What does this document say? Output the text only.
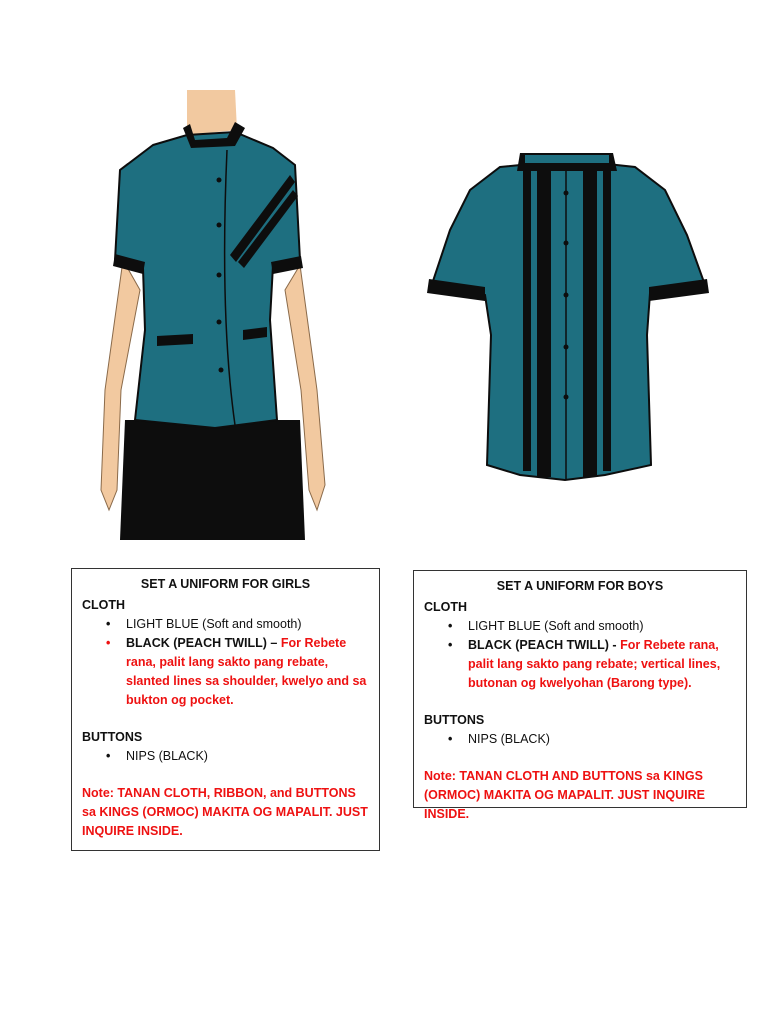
SET A UNIFORM FOR GIRLS

CLOTH

• LIGHT BLUE (Soft and smooth)
• BLACK (PEACH TWILL) – For Rebete rana, palit lang sakto pang rebate, slanted lines sa shoulder, kwelyo and sa bukton og pocket.

BUTTONS

• NIPS (BLACK)

Note: TANAN CLOTH, RIBBON, and BUTTONS sa KINGS (ORMOC) MAKITA OG MAPALIT. JUST INQUIRE INSIDE.

SET A UNIFORM FOR BOYS

CLOTH

• LIGHT BLUE (Soft and smooth)
• BLACK (PEACH TWILL) - For Rebete rana, palit lang sakto pang rebate; vertical lines, butonan og kwelyohan (Barong type).

BUTTONS

• NIPS (BLACK)

Note: TANAN CLOTH AND BUTTONS sa KINGS (ORMOC) MAKITA OG MAPALIT. JUST INQUIRE INSIDE.
